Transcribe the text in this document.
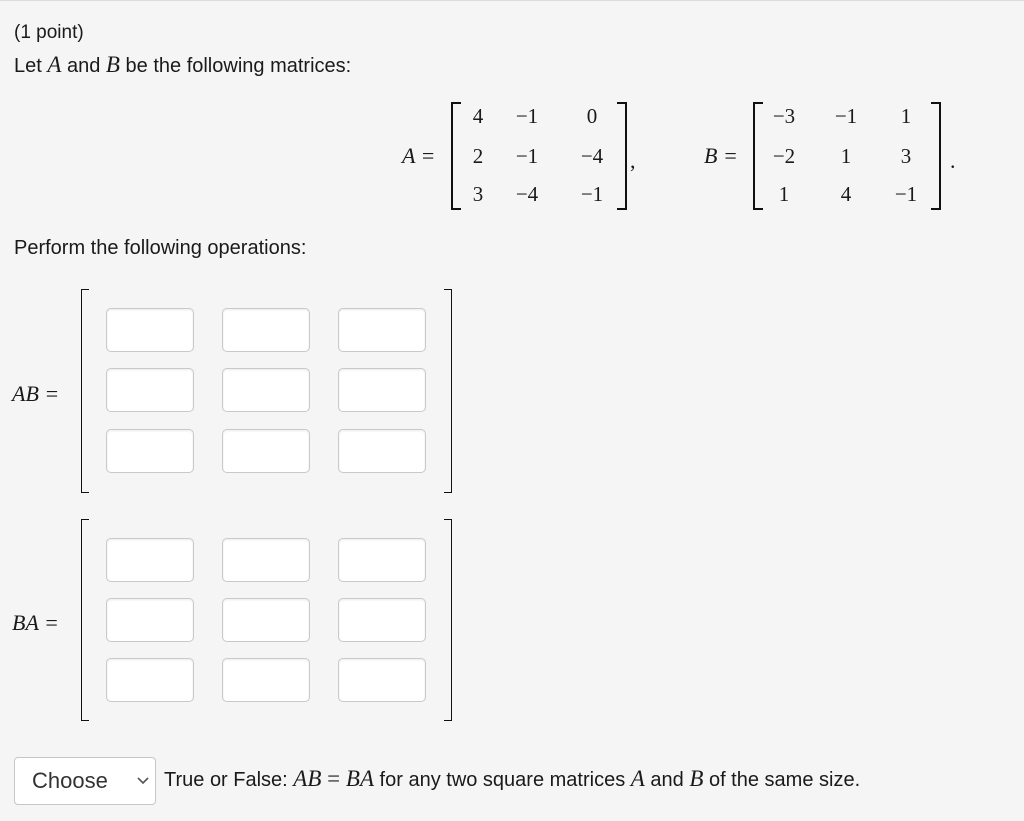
(1 point)
Let A and B be the following matrices:
A =
4	−1	0
2	−1	−4
3	−4	−1
,	B =
−3	−1	1
−2	1	3
1	4	−1
.
Perform the following operations:
AB =
BA =
Choose	True or False: AB = BA for any two square matrices A and B of the same size.
